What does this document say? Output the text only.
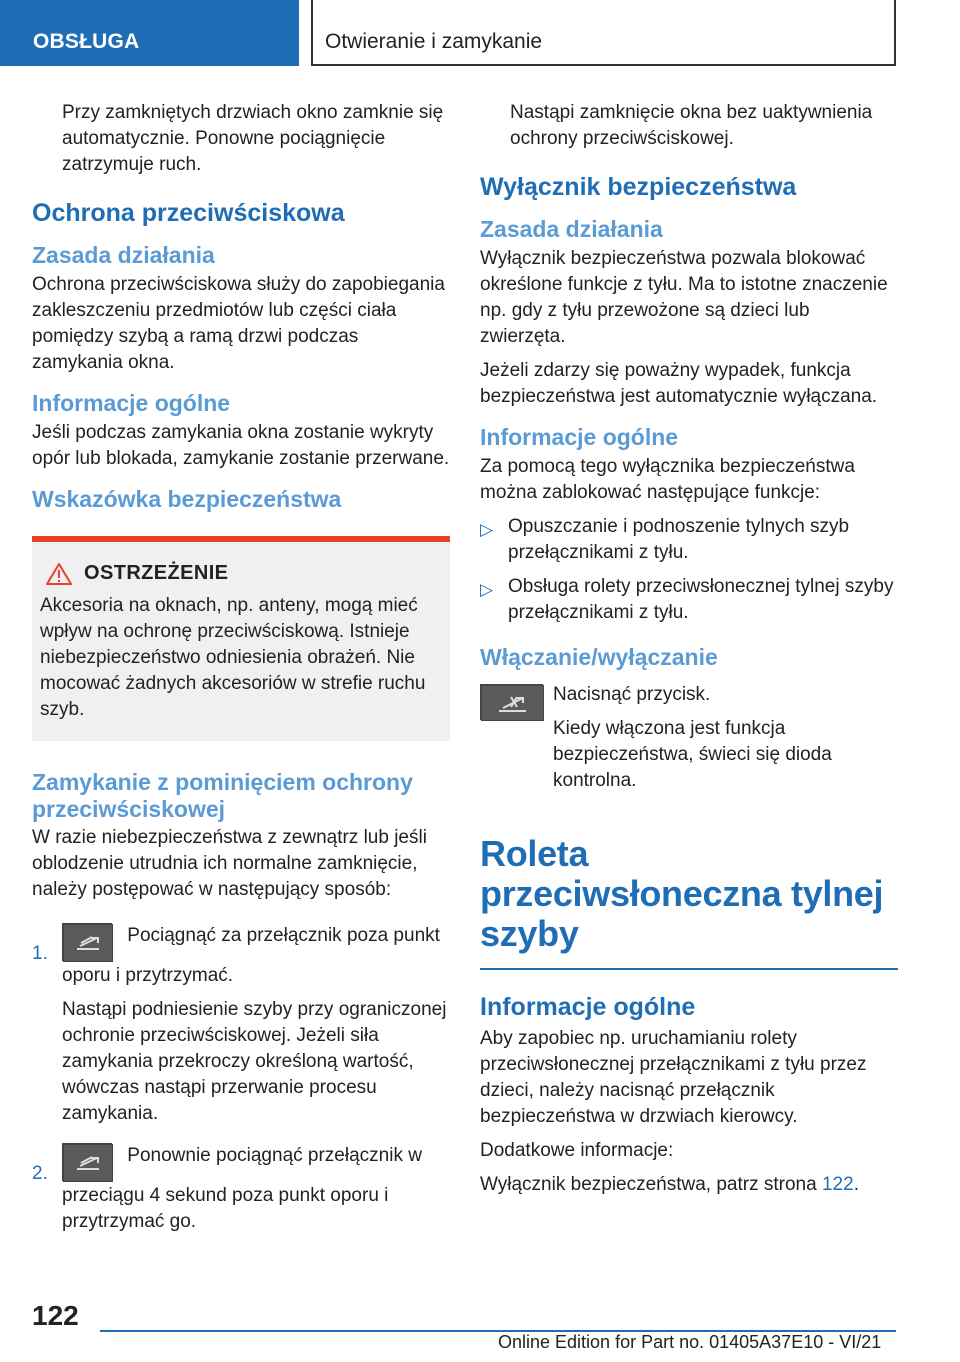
OBSŁUGA	Otwieranie i zamykanie

Przy zamkniętych drzwiach okno zamknie się automatycznie. Ponowne pociągnięcie zatrzymuje ruch.

Ochrona przeciwściskowa
Zasada działania

Ochrona przeciwściskowa służy do zapobiegania zakleszczeniu przedmiotów lub części ciała pomiędzy szybą a ramą drzwi podczas zamykania okna.

Informacje ogólne

Jeśli podczas zamykania okna zostanie wykryty opór lub blokada, zamykanie zostanie przerwane.

Wskazówka bezpieczeństwa
OSTRZEŻENIE

Akcesoria na oknach, np. anteny, mogą mieć wpływ na ochronę przeciwściskową. Istnieje niebezpieczeństwo odniesienia obrażeń. Nie mocować żadnych akcesoriów w strefie ruchu szyb.

Zamykanie z pominięciem ochrony przeciwściskowej

W razie niebezpieczeństwa z zewnątrz lub jeśli oblodzenie utrudnia ich normalne zamknięcie, należy postępować w następujący sposób:

1.

Pociągnąć za przełącznik poza punkt oporu i przytrzymać.

Nastąpi podniesienie szyby przy ograniczonej ochronie przeciwściskowej. Jeżeli siła zamykania przekroczy określoną wartość, wówczas nastąpi przerwanie procesu zamykania.

2.

Ponownie pociągnąć przełącznik w przeciągu 4 sekund poza punkt oporu i przytrzymać go.

Nastąpi zamknięcie okna bez uaktywnienia ochrony przeciwściskowej.

Wyłącznik bezpieczeństwa
Zasada działania

Wyłącznik bezpieczeństwa pozwala blokować określone funkcje z tyłu. Ma to istotne znaczenie np. gdy z tyłu przewożone są dzieci lub zwierzęta.

Jeżeli zdarzy się poważny wypadek, funkcja bezpieczeństwa jest automatycznie wyłączana.

Informacje ogólne

Za pomocą tego wyłącznika bezpieczeństwa można zablokować następujące funkcje:

▷ Opuszczanie i podnoszenie tylnych szyb przełącznikami z tyłu.

▷ Obsługa rolety przeciwsłonecznej tylnej szyby przełącznikami z tyłu.

Włączanie/wyłączanie

Nacisnąć przycisk.

Kiedy włączona jest funkcja bezpieczeństwa, świeci się dioda kontrolna.

Roleta przeciwsłoneczna tylnej szyby
Informacje ogólne

Aby zapobiec np. uruchamianiu rolety przeciwsłonecznej przełącznikami z tyłu przez dzieci, należy nacisnąć przełącznik bezpieczeństwa w drzwiach kierowcy.

Dodatkowe informacje:

Wyłącznik bezpieczeństwa, patrz strona 122.

122
Online Edition for Part no. 01405A37E10 - VI/21
